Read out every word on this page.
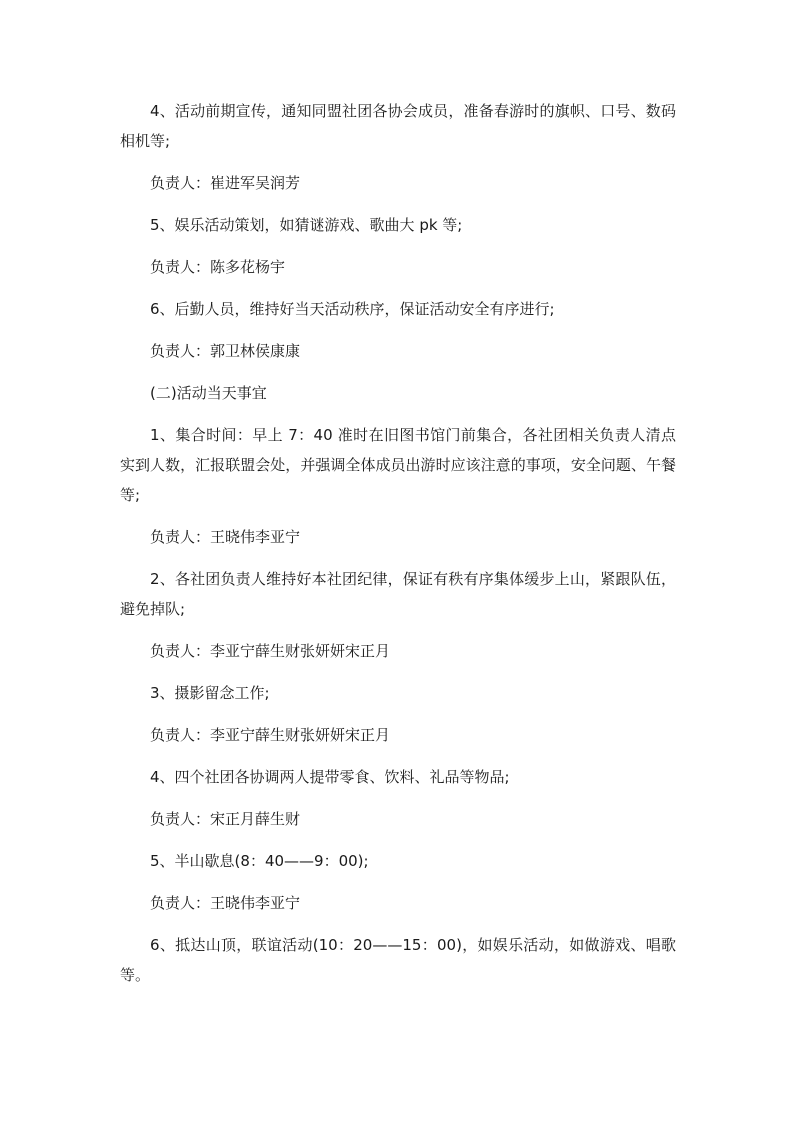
4、活动前期宣传，通知同盟社团各协会成员，准备春游时的旗帜、口号、数码相机等;

负责人：崔进军吴润芳

5、娱乐活动策划，如猜谜游戏、歌曲大 pk 等;

负责人：陈多花杨宇

6、后勤人员，维持好当天活动秩序，保证活动安全有序进行;

负责人：郭卫林侯康康

(二)活动当天事宜

1、集合时间：早上 7：40 准时在旧图书馆门前集合，各社团相关负责人清点实到人数，汇报联盟会处，并强调全体成员出游时应该注意的事项，安全问题、午餐等;

负责人：王晓伟李亚宁

2、各社团负责人维持好本社团纪律，保证有秩有序集体缓步上山，紧跟队伍，避免掉队;

负责人：李亚宁薛生财张妍妍宋正月

3、摄影留念工作;

负责人：李亚宁薛生财张妍妍宋正月

4、四个社团各协调两人提带零食、饮料、礼品等物品;

负责人：宋正月薛生财

5、半山歇息(8：40——9：00);

负责人：王晓伟李亚宁

6、抵达山顶，联谊活动(10：20——15：00)，如娱乐活动，如做游戏、唱歌等。
